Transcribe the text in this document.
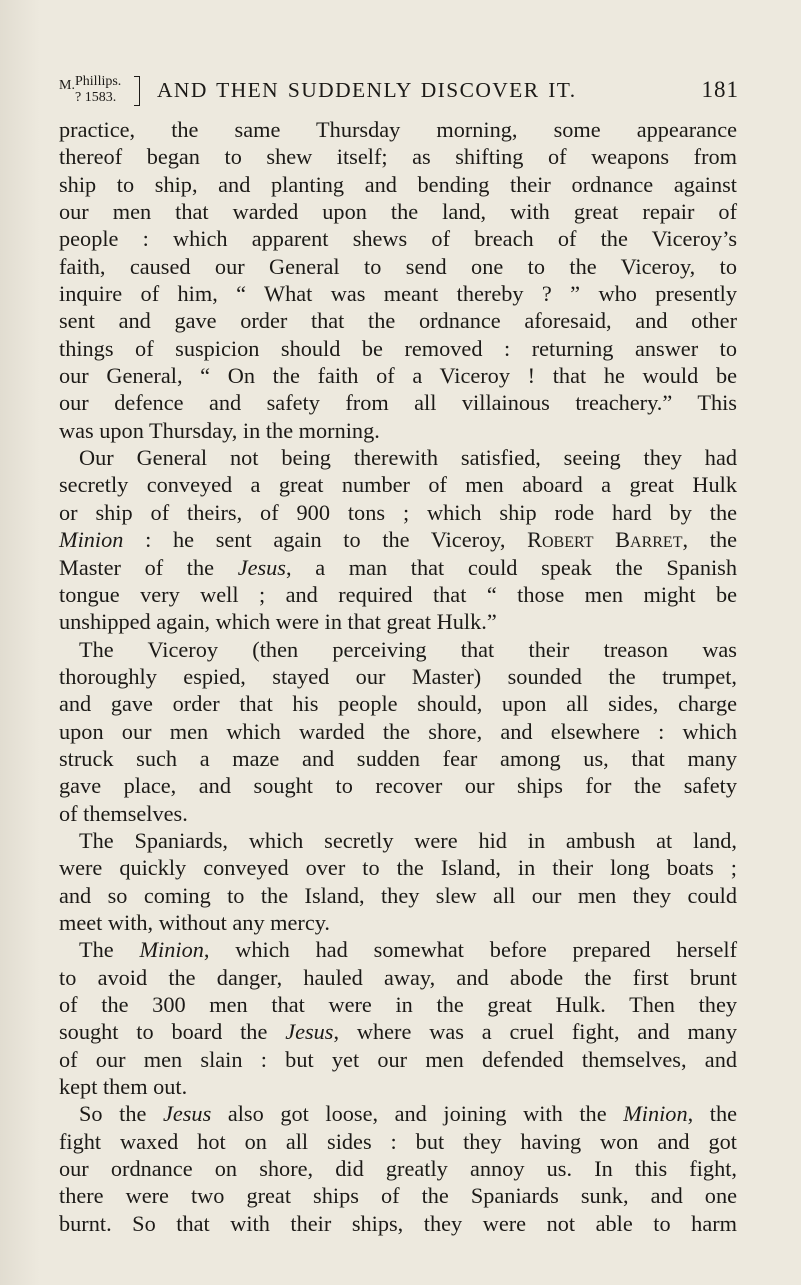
M. Phillips.
? 1583. AND THEN SUDDENLY DISCOVER IT.	181
practice, the same Thursday morning, some appearance
thereof began to shew itself; as shifting of weapons from
ship to ship, and planting and bending their ordnance against
our men that warded upon the land, with great repair of
people : which apparent shews of breach of the Viceroy’s
faith, caused our General to send one to the Viceroy, to
inquire of him, “ What was meant thereby ? ” who presently
sent and gave order that the ordnance aforesaid, and other
things of suspicion should be removed : returning answer to
our General, “ On the faith of a Viceroy ! that he would be
our defence and safety from all villainous treachery.” This
was upon Thursday, in the morning.
Our General not being therewith satisfied, seeing they had
secretly conveyed a great number of men aboard a great Hulk
or ship of theirs, of 900 tons ; which ship rode hard by the
Minion : he sent again to the Viceroy, Robert Barret, the
Master of the Jesus, a man that could speak the Spanish
tongue very well ; and required that “ those men might be
unshipped again, which were in that great Hulk.”
The Viceroy (then perceiving that their treason was
thoroughly espied, stayed our Master) sounded the trumpet,
and gave order that his people should, upon all sides, charge
upon our men which warded the shore, and elsewhere : which
struck such a maze and sudden fear among us, that many
gave place, and sought to recover our ships for the safety
of themselves.
The Spaniards, which secretly were hid in ambush at land,
were quickly conveyed over to the Island, in their long boats ;
and so coming to the Island, they slew all our men they could
meet with, without any mercy.
The Minion, which had somewhat before prepared herself
to avoid the danger, hauled away, and abode the first brunt
of the 300 men that were in the great Hulk. Then they
sought to board the Jesus, where was a cruel fight, and many
of our men slain : but yet our men defended themselves, and
kept them out.
So the Jesus also got loose, and joining with the Minion, the
fight waxed hot on all sides : but they having won and got
our ordnance on shore, did greatly annoy us. In this fight,
there were two great ships of the Spaniards sunk, and one
burnt. So that with their ships, they were not able to harm
